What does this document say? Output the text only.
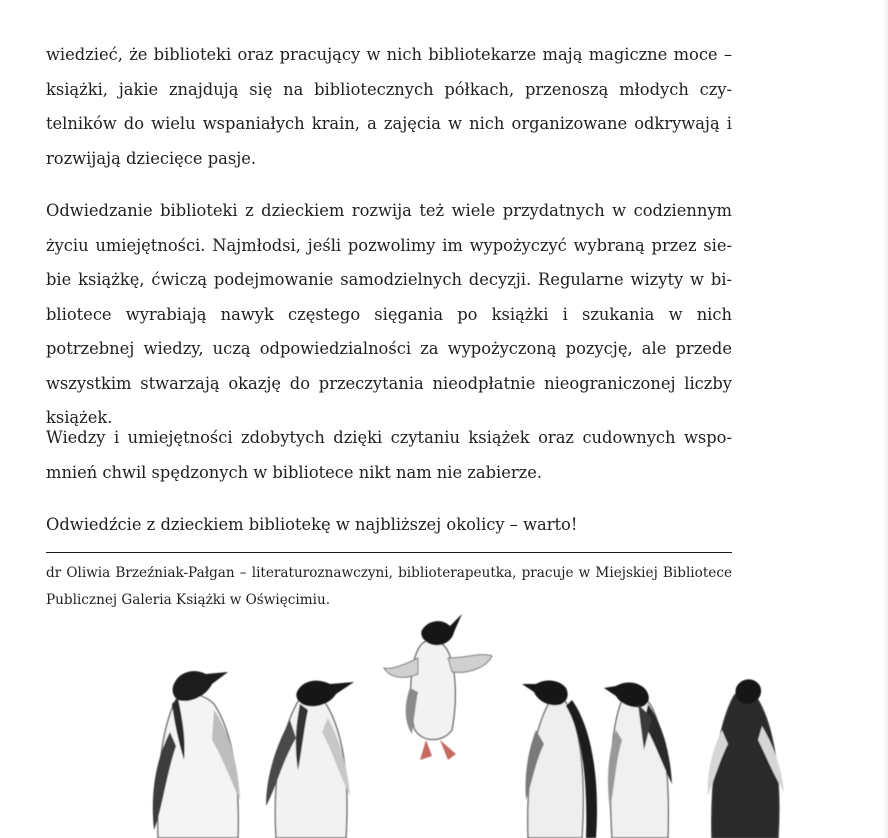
wiedzieć, że biblioteki oraz pracujący w nich bibliotekarze mają magiczne moce – książki, jakie znajdują się na bibliotecznych półkach, przenoszą młodych czytelników do wielu wspaniałych krain, a zajęcia w nich organizowane odkrywają i rozwijają dziecięce pasje.

Odwiedzanie biblioteki z dzieckiem rozwija też wiele przydatnych w codziennym życiu umiejętności. Najmłodsi, jeśli pozwolimy im wypożyczyć wybraną przez siebie książkę, ćwiczą podejmowanie samodzielnych decyzji. Regularne wizyty w bibliotece wyrabiają nawyk częstego sięgania po książki i szukania w nich potrzebnej wiedzy, uczą odpowiedzialności za wypożyczoną pozycję, ale przede wszystkim stwarzają okazję do przeczytania nieodpłatnie nieograniczonej liczby książek.

Wiedzy i umiejętności zdobytych dzięki czytaniu książek oraz cudownych wspomnień chwil spędzonych w bibliotece nikt nam nie zabierze.

Odwiedźcie z dzieckiem bibliotekę w najbliższej okolicy – warto!

dr Oliwia Brzeźniak-Pałgan – literaturoznawczyni, biblioterapeutka, pracuje w Miejskiej Bibliotece Publicznej Galeria Książki w Oświęcimiu.
